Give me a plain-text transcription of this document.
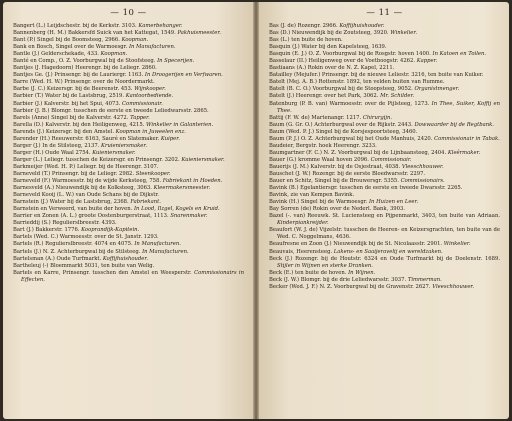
— 10 —
Bangert (L.) Leijdschestr. bij de Kerkstr. 3103. Kamerbehanger.
Bannenberg (H. M.) Bakkersfd Suick van het Kattegat, 1549. Pakhuismeester.
Bant (P.) Singel bij de Boomsteeg, 2966. Koopman.
Bank en Bosch, Singel over de Warmoesgr. In Manufacturen.
Bantle (J.) Gelderschekade, 433. Koopman.
Banté en Comp., O. Z. Voorburgwal bij de Stoofsteeg. In Specerijen.
Bantjes (J. Hagedoorn) Heerengr. bij de Leliegr. 2860.
Bantjes Ge. (J.) Prinsengr. bij de Lauriergr. 1163. In Droogerijen en Verfwaren.
Barre (Wed. H. W.) Prinsengr. over de Noordermarkt.
Barbe (J. C.) Keizersgr. bij de Beerenstr. 453. Wijnkooper.
Barbier (T.) Water bij de Lastsbrug, 2519. Kantoorbediende.
Barbier (J.) Kalverstr. bij het Spui, 4073. Commissionair.
Barbier (J. B.) Blomgr. tusschen de eerste en tweede Leliedwarsstr. 2865.
Barels (Anne) Singel bij de Kalverstr. 4272. Tapper.
Barella (D.) Kalverstr. bij den Heiligenweg, 4215. Winkelier in Galanterien.
Barends (J.) Keizersgr. bij den Amstel. Koopman in Juweelen enz.
Barender (H.) Reeuwerstr. 6163, Sauré en Slatemaker. Kuiper.
Barger (J.) In de Stilsteeg, 2137. Kruieniersmaker.
Barger (H.) Oude Waal 2754. Kuieniersmaker.
Barger (L.) Leliegr. tusschen de Keizersgr. en Prinsengr. 3202. Kuieniersmaker.
Barkmeijer (Wed. H. P.) Leliegr. bij de Heerengr. 3107.
Barneveld (T.) Prinsengr. bij de Leliegr. 2982. Steenkooper.
Barneveld (F.) Warmoesstr. bij de wijde Kerksteeg, 758. Fabriekant in Hoeden.
Barnesveld (A.) Nieuwendijk bij de Kolksteeg, 3063. Kleermakersmeester.
Barneveld Kooij (L. W.) van Oude Schans bij de Dijkstr.
Barnstein (J.) Water bij de Lastsbrug, 2368. Fabriekant.
Barnstein en Verweerd, van buite der hoven. In Lood, Ilzgel, Kogels en Kruid.
Barrier en Zonen (A. L.) groote Oostenburgerstraat, 1113. Snarenmaker.
Barrieddij (S.) Regulierslbreestr. 4393.
Bart (J.) Bakkerstr. 1776. Kooprandijk-Kapitein.
Bartels (Wed. C.) Warmoesstr. over de St. Janstr. 1293.
Bartels (R.) Regulierslbreestr. 4074 en 4075. In Manufacturen.
Bartels (J.) N. Z. Achterburgwal bij de Stilsteeg. In Manufacturen.
Bartelsman (A.) Oude Turfmarkt. Koffijhuishouder.
Bartheleuj (-) Bloemmarkt 5031, ten buite van Welig.
Bartels en Karre, Prinsengr. tusschen den Amstel en Weesperstr. Commissionairs in Effecten.
— 11 —
Bas (J. de) Rozengr. 2966. Koffijhuishouder.
Bas (D.) Nieuwendijk bij de Zoutsteeg, 3920. Winkelier.
Bas (L.) ten buite de hoven.
Basquin (J.) Water bij den Kapelsteeg, 1639.
Basquin (E. J.) O. Z. Voorburgwal bij de Rosgstr. hoven 1400. In Katoen en Toilen.
Basselaur (II.) Heiligenweg over de Voetboogstr. 4262. Kapper.
Bastiaans (A.) Rokin over de N. Z. Kapel, 2211.
Batailley (Mejufer.) Prinsengr. bij de nieuwe Leliestr. 3216, ten buite van Kuiker.
Batelt (Mej. A. B.) Rottenstr. 1892, ten velden buiten van Rumme.
Batelt (B. C. O.) Voorburgwal bij de Stoopsteeg, 9052. Organistmenger.
Batelt (J.) Heerengr. over het Park, 3062. Mr. Schilder.
Batenburg (P. B. van) Warmoesstr. over de Pijlsteeg, 1273. In Thee, Suiker, Koffij en Thee.
Battij (F. W. de) Martenangr. 1217. Chirurgijn.
Baum (G. Gr. O.) Achterburgwal over de Rijkstr. 2443. Dowwaarder bij de Regtbank.
Baum (Wed. P. J.) Singel bij de Korsjespoortsteeg, 3460.
Baum (P. J.) O. Z. Achterburgwal bij het Oude Manhuis, 2420. Commissionair in Tabak.
Baudeier, Bergstr. hoek Heerengr. 3233.
Baumgartner (F. C.) N. Z. Voorburgwal bij de Lijnbaansteeg, 2404. Kleêrmaker.
Bauer (G.) kromme Waal hoven 2096. Commissionair.
Bauerijs (J. M.) Kalverstr. bij de Osjestraat, 4038. Vleeschhouwer.
Bauschet (J. W.) Rozengr. bij de eerste Bloedwarsstr. 2297.
Bauer en Schitz, Singel bij de Brouwersgr. 5355. Commissionairs.
Bavink (B.) Egelantiersgr. tusschen de eerste en tweede Dwarsstr. 2265.
Bavink, zie van Kempen Bavink.
Bavink (H.) Singel bij de Warmoesgr. In Huizen en Leer.
Bay Sorren (de) Rokin over de Nederl. Bank, 3903.
Bazel (-. van) Reeuwk. St. Luciensteeg en Pijpenmarkt, 3403, ten buite van Adriaan. Kinderpiankreijder.
Beaufort (W. J. de) Vijzelstr. tusschen de Heeren- en Keizersgrachten, ten buite van de Wed. C. Noggelmans, 4636.
Beaufresne en Zoon (J.) Nieuwendijk bij de St. Nicolaasstr. 2901. Winkelier.
Beauvais, Heerensteeg. Lakens- en Saaijeravelij en wereldzaken.
Beck (J.) Rozengr. bij de Houtstr. 6324 en Oude Turfmarkt bij de Doelenstr. 1689. Stijler in Wijnen en sterke Dranken.
Beck (E.) ten buite de hoven. In Wijnen.
Beck (J. W.) Blomgr. bij de drie Leliedwarsstr. 3037. Timmerman.
Becker (Wed. J. F.) N. Z. Voorburgwal bij de Gravenstr. 2627. Vleeschhouwer.
